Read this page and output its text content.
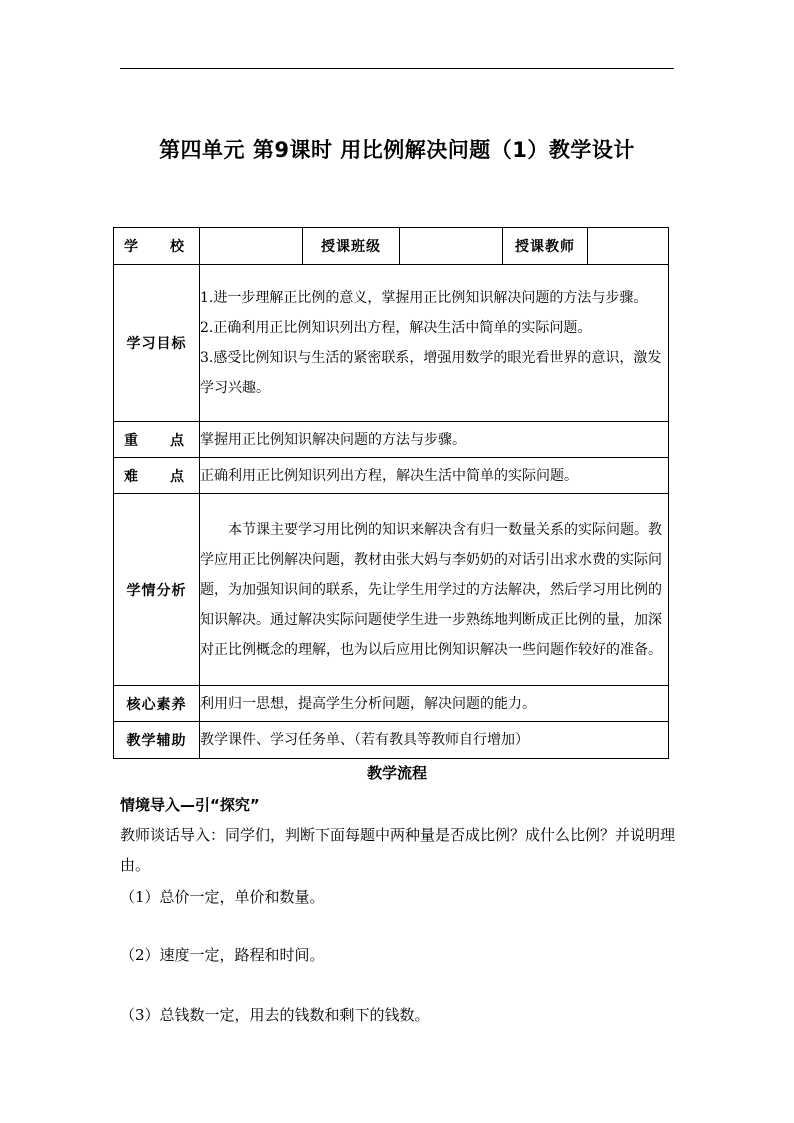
第四单元 第9课时 用比例解决问题（1）教学设计
学 校		授课班级		授课教师	
学习目标	1.进一步理解正比例的意义，掌握用正比例知识解决问题的方法与步骤。

2.正确利用正比例知识列出方程，解决生活中简单的实际问题。

3.感受比例知识与生活的紧密联系，增强用数学的眼光看世界的意识，激发学习兴趣。				

重 点	掌握用正比例知识解决问题的方法与步骤。				

难 点	正确利用正比例知识列出方程，解决生活中简单的实际问题。				
学情分析	本节课主要学习用比例的知识来解决含有归一数量关系的实际问题。教学应用正比例解决问题，教材由张大妈与李奶奶的对话引出求水费的实际问题，为加强知识间的联系，先让学生用学过的方法解决，然后学习用比例的知识解决。通过解决实际问题使学生进一步熟练地判断成正比例的量，加深对正比例概念的理解，也为以后应用比例知识解决一些问题作较好的准备。				

核心素养	利用归一思想，提高学生分析问题，解决问题的能力。				
教学辅助	教学课件、学习任务单、（若有教具等教师自行增加）				
教学流程
情境导入—引“探究”

教师谈话导入：同学们，判断下面每题中两种量是否成比例？成什么比例？并说明理由。

（1）总价一定，单价和数量。

（2）速度一定，路程和时间。

（3）总钱数一定，用去的钱数和剩下的钱数。
